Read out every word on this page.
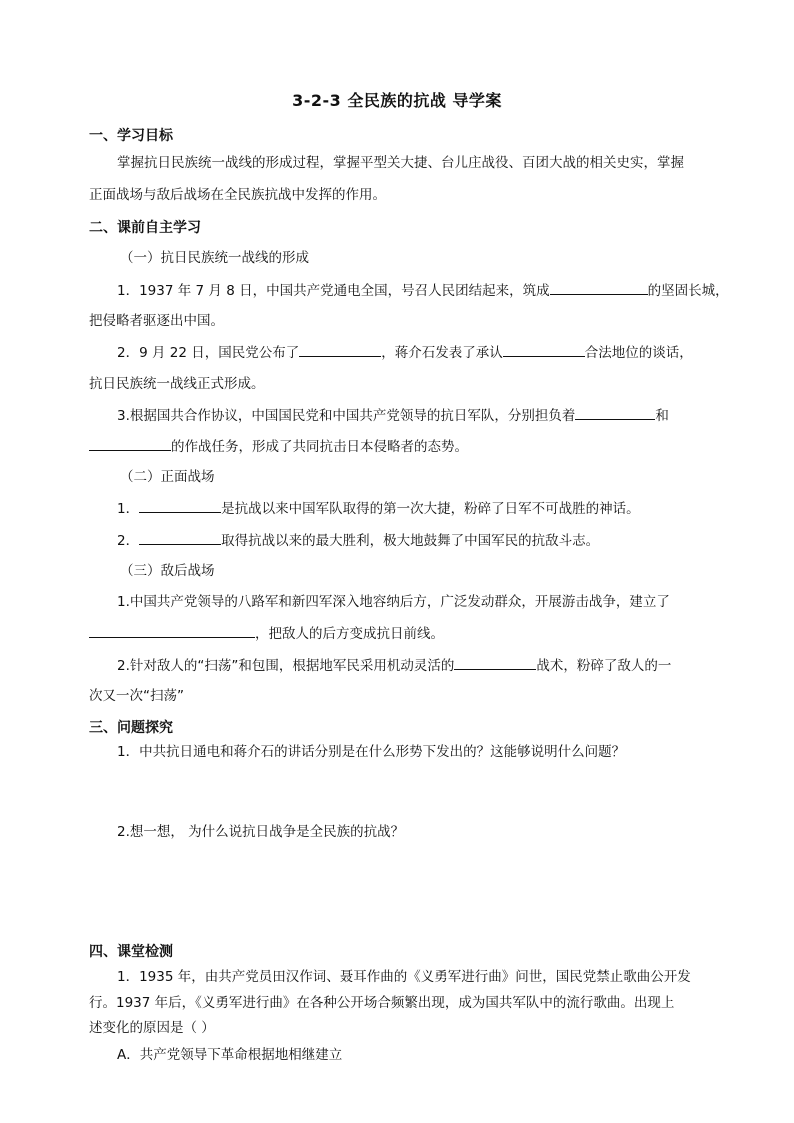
3-2-3 全民族的抗战 导学案
一、学习目标
掌握抗日民族统一战线的形成过程，掌握平型关大捷、台儿庄战役、百团大战的相关史实，掌握
正面战场与敌后战场在全民族抗战中发挥的作用。
二、课前自主学习
（一）抗日民族统一战线的形成
1．1937 年 7 月 8 日，中国共产党通电全国，号召人民团结起来，筑成	的坚固长城，
把侵略者驱逐出中国。
2．9 月 22 日，国民党公布了	，蒋介石发表了承认	合法地位的谈话，
抗日民族统一战线正式形成。
3.根据国共合作协议，中国国民党和中国共产党领导的抗日军队，分别担负着	和
的作战任务，形成了共同抗击日本侵略者的态势。
（二）正面战场
1．	是抗战以来中国军队取得的第一次大捷，粉碎了日军不可战胜的神话。
2．	取得抗战以来的最大胜利，极大地鼓舞了中国军民的抗敌斗志。
（三）敌后战场
1.中国共产党领导的八路军和新四军深入地容纳后方，广泛发动群众，开展游击战争，建立了
，把敌人的后方变成抗日前线。
2.针对敌人的“扫荡”和包围，根据地军民采用机动灵活的	战术，粉碎了敌人的一
次又一次“扫荡”
三、问题探究
1．中共抗日通电和蒋介石的讲话分别是在什么形势下发出的？这能够说明什么问题？
2.想一想， 为什么说抗日战争是全民族的抗战？
四、课堂检测
1．1935 年，由共产党员田汉作词、聂耳作曲的《义勇军进行曲》问世，国民党禁止歌曲公开发
行。1937 年后，《义勇军进行曲》在各种公开场合频繁出现，成为国共军队中的流行歌曲。出现上
述变化的原因是（ ）
A．共产党领导下革命根据地相继建立
